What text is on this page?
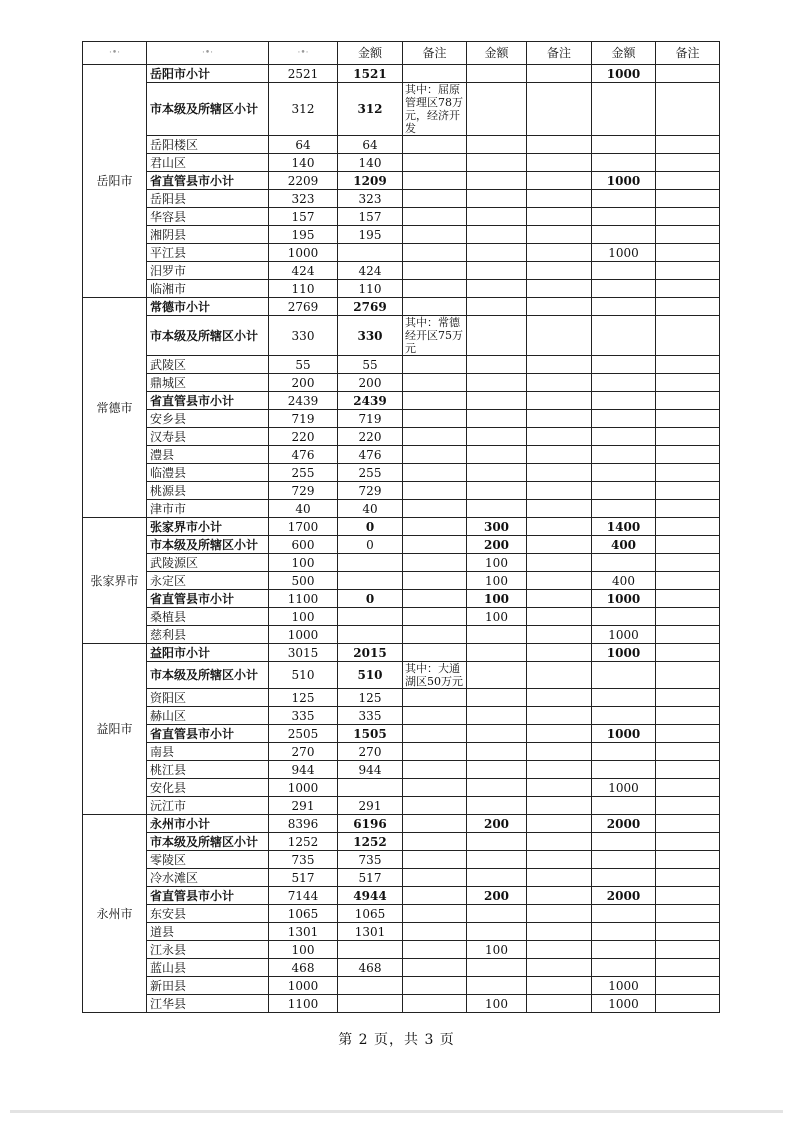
·•·	·•·	·•·	金额	备注	金额	备注	金额	备注
岳阳市	岳阳市小计	2521	1521				1000	
	市本级及所辖区小计	312	312	其中：屈原管理区78万元，经济开发				
	岳阳楼区	64	64					
	君山区	140	140					
	省直管县市小计	2209	1209				1000	
	岳阳县	323	323					
	华容县	157	157					
	湘阴县	195	195					
	平江县	1000					1000	
	汨罗市	424	424					
	临湘市	110	110					
常德市	常德市小计	2769	2769					
	市本级及所辖区小计	330	330	其中：常德经开区75万元				
	武陵区	55	55					
	鼎城区	200	200					
	省直管县市小计	2439	2439					
	安乡县	719	719					
	汉寿县	220	220					
	澧县	476	476					
	临澧县	255	255					
	桃源县	729	729					
	津市市	40	40					
张家界市	张家界市小计	1700	0		300		1400	
	市本级及所辖区小计	600	0		200		400	
	武陵源区	100			100			
	永定区	500			100		400	
	省直管县市小计	1100	0		100		1000	
	桑植县	100			100			
	慈利县	1000					1000	
益阳市	益阳市小计	3015	2015				1000	
	市本级及所辖区小计	510	510	其中：大通湖区50万元				
	资阳区	125	125					
	赫山区	335	335					
	省直管县市小计	2505	1505				1000	
	南县	270	270					
	桃江县	944	944					
	安化县	1000					1000	
	沅江市	291	291					
永州市	永州市小计	8396	6196		200		2000	
	市本级及所辖区小计	1252	1252					
	零陵区	735	735					
	冷水滩区	517	517					
	省直管县市小计	7144	4944		200		2000	
	东安县	1065	1065					
	道县	1301	1301					
	江永县	100			100			
	蓝山县	468	468					
	新田县	1000					1000	
	江华县	1100			100		1000	
第 2 页，共 3 页
